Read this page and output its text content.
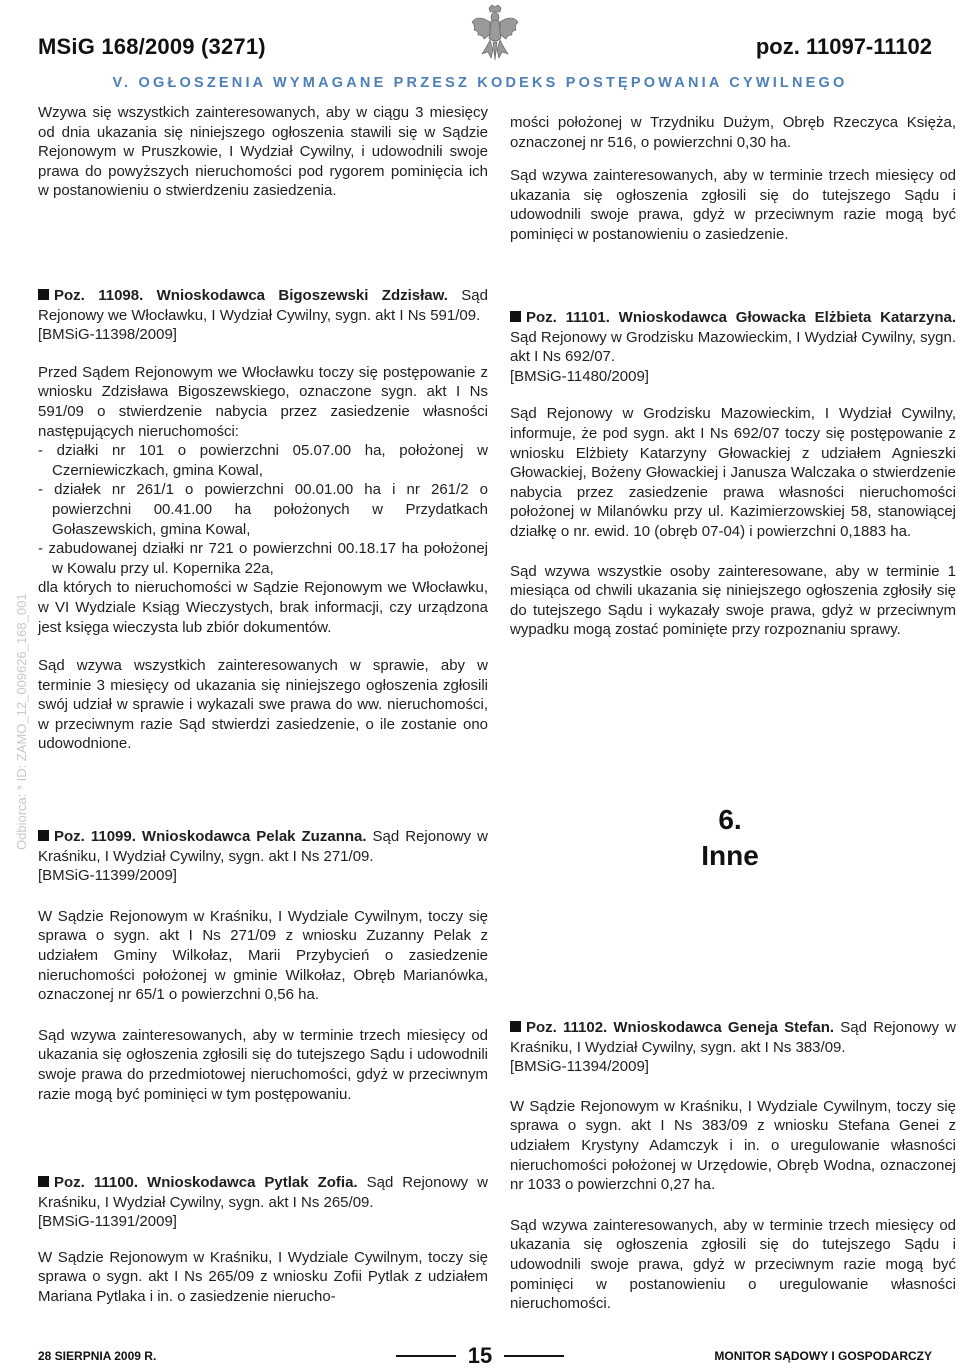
MSiG 168/2009 (3271)	poz. 11097-11102
V. OGŁOSZENIA WYMAGANE PRZESZ KODEKS POSTĘPOWANIA CYWILNEGO
Odbiorca: * ID: ZAMO_12_009626_168_001

Wzywa się wszystkich zainteresowanych, aby w ciągu 3 miesięcy od dnia ukazania się niniejszego ogłoszenia stawili się w Sądzie Rejonowym w Pruszkowie, I Wydział Cywilny, i udowodnili swoje prawa do powyższych nieruchomości pod rygorem pominięcia ich w postanowieniu o stwierdzeniu zasiedzenia.

mości położonej w Trzydniku Dużym, Obręb Rzeczyca Księża, oznaczonej nr 516, o powierzchni 0,30 ha.

Sąd wzywa zainteresowanych, aby w terminie trzech miesięcy od ukazania się ogłoszenia zgłosili się do tutejszego Sądu i udowodnili swoje prawa, gdyż w przeciwnym razie mogą być pominięci w postanowieniu o zasiedzenie.

Poz. 11098. Wnioskodawca Bigoszewski Zdzisław. Sąd Rejonowy we Włocławku, I Wydział Cywilny, sygn. akt I Ns 591/09.

[BMSiG-11398/2009]

Przed Sądem Rejonowym we Włocławku toczy się postępowanie z wniosku Zdzisława Bigoszewskiego, oznaczone sygn. akt I Ns 591/09 o stwierdzenie nabycia przez zasiedzenie własności następujących nieruchomości:

- działki nr 101 o powierzchni 05.07.00 ha, położonej w Czerniewiczkach, gmina Kowal,

- działek nr 261/1 o powierzchni 00.01.00 ha i nr 261/2 o powierzchni 00.41.00 ha położonych w Przydatkach Gołaszewskich, gmina Kowal,

- zabudowanej działki nr 721 o powierzchni 00.18.17 ha położonej w Kowalu przy ul. Kopernika 22a,

dla których to nieruchomości w Sądzie Rejonowym we Włocławku, w VI Wydziale Ksiąg Wieczystych, brak informacji, czy urządzona jest księga wieczysta lub zbiór dokumentów.

Sąd wzywa wszystkich zainteresowanych w sprawie, aby w terminie 3 miesięcy od ukazania się niniejszego ogłoszenia zgłosili swój udział w sprawie i wykazali swe prawa do ww. nieruchomości, w przeciwnym razie Sąd stwierdzi zasiedzenie, o ile zostanie ono udowodnione.

Poz. 11099. Wnioskodawca Pelak Zuzanna. Sąd Rejonowy w Kraśniku, I Wydział Cywilny, sygn. akt I Ns 271/09.

[BMSiG-11399/2009]

W Sądzie Rejonowym w Kraśniku, I Wydziale Cywilnym, toczy się sprawa o sygn. akt I Ns 271/09 z wniosku Zuzanny Pelak z udziałem Gminy Wilkołaz, Marii Przybycień o zasiedzenie nieruchomości położonej w gminie Wilkołaz, Obręb Marianówka, oznaczonej nr 65/1 o powierzchni 0,56 ha.

Sąd wzywa zainteresowanych, aby w terminie trzech miesięcy od ukazania się ogłoszenia zgłosili się do tutejszego Sądu i udowodnili swoje prawa do przedmiotowej nieruchomości, gdyż w przeciwnym razie mogą być pominięci w tym postępowaniu.

Poz. 11100. Wnioskodawca Pytlak Zofia. Sąd Rejonowy w Kraśniku, I Wydział Cywilny, sygn. akt I Ns 265/09.

[BMSiG-11391/2009]

W Sądzie Rejonowym w Kraśniku, I Wydziale Cywilnym, toczy się sprawa o sygn. akt I Ns 265/09 z wniosku Zofii Pytlak z udziałem Mariana Pytlaka i in. o zasiedzenie nierucho-

Poz. 11101. Wnioskodawca Głowacka Elżbieta Katarzyna. Sąd Rejonowy w Grodzisku Mazowieckim, I Wydział Cywilny, sygn. akt I Ns 692/07.

[BMSiG-11480/2009]

Sąd Rejonowy w Grodzisku Mazowieckim, I Wydział Cywilny, informuje, że pod sygn. akt I Ns 692/07 toczy się postępowanie z wniosku Elżbiety Katarzyny Głowackiej z udziałem Agnieszki Głowackiej, Bożeny Głowackiej i Janusza Walczaka o stwierdzenie nabycia przez zasiedzenie prawa własności nieruchomości położonej w Milanówku przy ul. Kazimierzowskiej 58, stanowiącej działkę o nr. ewid. 10 (obręb 07-04) i powierzchni 0,1883 ha.

Sąd wzywa wszystkie osoby zainteresowane, aby w terminie 1 miesiąca od chwili ukazania się niniejszego ogłoszenia zgłosiły się do tutejszego Sądu i wykazały swoje prawa, gdyż w przeciwnym wypadku mogą zostać pominięte przy rozpoznaniu sprawy.

6.
Inne

Poz. 11102. Wnioskodawca Geneja Stefan. Sąd Rejonowy w Kraśniku, I Wydział Cywilny, sygn. akt I Ns 383/09.

[BMSiG-11394/2009]

W Sądzie Rejonowym w Kraśniku, I Wydziale Cywilnym, toczy się sprawa o sygn. akt I Ns 383/09 z wniosku Stefana Genei z udziałem Krystyny Adamczyk i in. o uregulowanie własności nieruchomości położonej w Urzędowie, Obręb Wodna, oznaczonej nr 1033 o powierzchni 0,27 ha.

Sąd wzywa zainteresowanych, aby w terminie trzech miesięcy od ukazania się ogłoszenia zgłosili się do tutejszego Sądu i udowodnili swoje prawa, gdyż w przeciwnym razie mogą być pominięci w postanowieniu o uregulowanie własności nieruchomości.

28 SIERPNIA 2009 R.	15	MONITOR SĄDOWY I GOSPODARCZY
